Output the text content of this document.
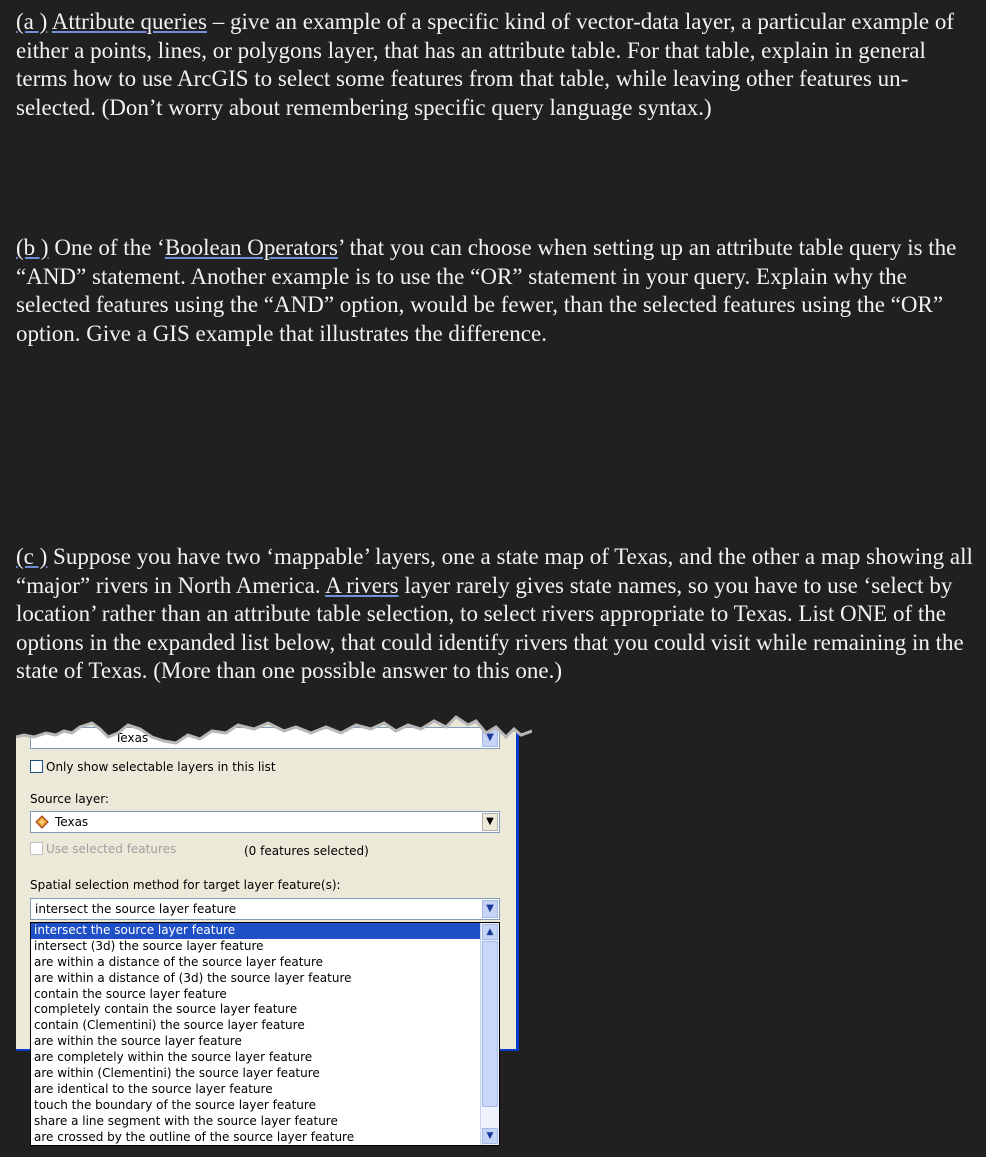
(a ) Attribute queries – give an example of a specific kind of vector-data layer, a particular example of either a points, lines, or polygons layer, that has an attribute table. For that table, explain in general terms how to use ArcGIS to select some features from that table, while leaving other features un-selected. (Don’t worry about remembering specific query language syntax.)
(b ) One of the ‘Boolean Operators’ that you can choose when setting up an attribute table query is the “AND” statement. Another example is to use the “OR” statement in your query. Explain why the selected features using the “AND” option, would be fewer, than the selected features using the “OR” option. Give a GIS example that illustrates the difference.
(c ) Suppose you have two ‘mappable’ layers, one a state map of Texas, and the other a map showing all “major” rivers in North America. A rivers layer rarely gives state names, so you have to use ‘select by location’ rather than an attribute table selection, to select rivers appropriate to Texas. List ONE of the options in the expanded list below, that could identify rivers that you could visit while remaining in the state of Texas. (More than one possible answer to this one.)
Texas	▼
Only show selectable layers in this list
Source layer:
Texas	▼
Use selected features	(0 features selected)
Spatial selection method for target layer feature(s):
intersect the source layer feature	▼
intersect the source layer feature
intersect (3d) the source layer feature
are within a distance of the source layer feature
are within a distance of (3d) the source layer feature
contain the source layer feature
completely contain the source layer feature
contain (Clementini) the source layer feature
are within the source layer feature
are completely within the source layer feature
are within (Clementini) the source layer feature
are identical to the source layer feature
touch the boundary of the source layer feature
share a line segment with the source layer feature
are crossed by the outline of the source layer feature
▲
▼
